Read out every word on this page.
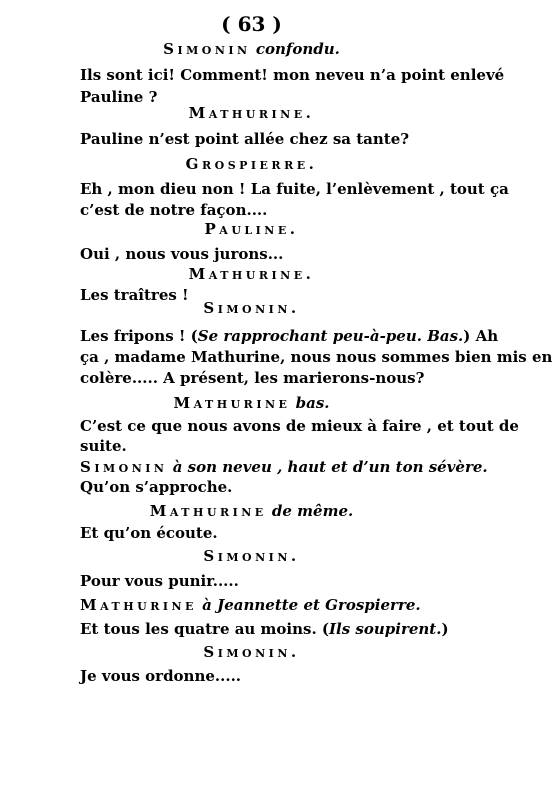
( 63 )
Simonin confondu.
Ils sont ici! Comment! mon neveu n’a point enlevé
Pauline ?
Mathurine.
Pauline n’est point allée chez sa tante?
Grospierre.
Eh , mon dieu non ! La fuite, l’enlèvement , tout ça
c’est de notre façon....
Pauline.
Oui , nous vous jurons...
Mathurine.
Les traîtres !
Simonin.
Les fripons ! (Se rapprochant peu-à-peu. Bas.) Ah
ça , madame Mathurine, nous nous sommes bien mis en
colère..... A présent, les marierons-nous?
Mathurine bas.
C’est ce que nous avons de mieux à faire , et tout de
suite.
Simonin à son neveu , haut et d’un ton sévère.
Qu’on s’approche.
Mathurine de même.
Et qu’on écoute.
Simonin.
Pour vous punir.....
Mathurine à Jeannette et Grospierre.
Et tous les quatre au moins. (Ils soupirent.)
Simonin.
Je vous ordonne.....
